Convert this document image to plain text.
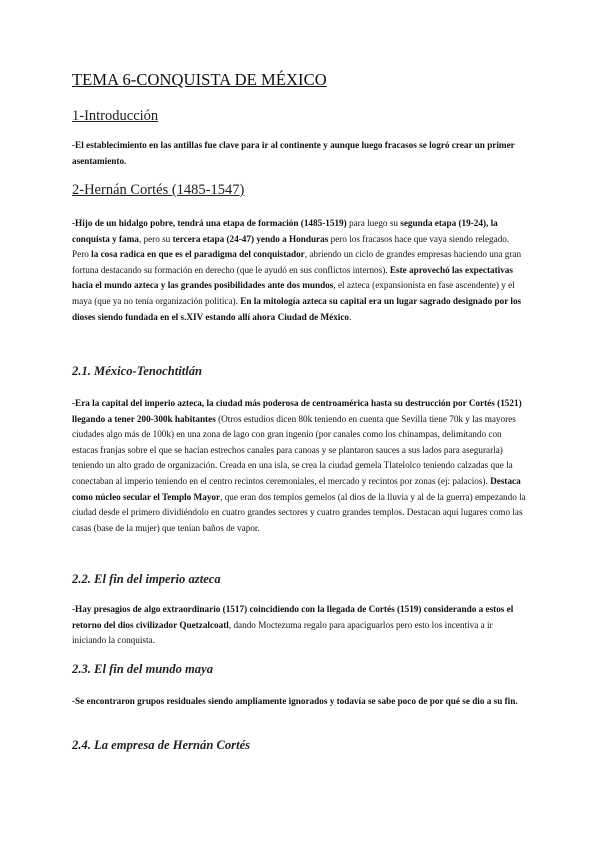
TEMA 6-CONQUISTA DE MÉXICO
1-Introducción

-El establecimiento en las antillas fue clave para ir al continente y aunque luego fracasos se logró crear un primer asentamiento.

2-Hernán Cortés (1485-1547)

-Hijo de un hidalgo pobre, tendrá una etapa de formación (1485-1519) para luego su segunda etapa (19-24), la conquista y fama, pero su tercera etapa (24-47) yendo a Honduras pero los fracasos hace que vaya siendo relegado. Pero la cosa radica en que es el paradigma del conquistador, abriendo un ciclo de grandes empresas haciendo una gran fortuna destacando su formación en derecho (que le ayudó en sus conflictos internos). Este aprovechó las expectativas hacia el mundo azteca y las grandes posibilidades ante dos mundos, el azteca (expansionista en fase ascendente) y el maya (que ya no tenía organización política). En la mitología azteca su capital era un lugar sagrado designado por los dioses siendo fundada en el s.XIV estando allí ahora Ciudad de México.

2.1. México-Tenochtitlán

-Era la capital del imperio azteca, la ciudad más poderosa de centroamérica hasta su destrucción por Cortés (1521) llegando a tener 200-300k habitantes (Otros estudios dicen 80k teniendo en cuenta que Sevilla tiene 70k y las mayores ciudades algo más de 100k) en una zona de lago con gran ingenio (por canales como los chinampas, delimitando con estacas franjas sobre el que se hacían estrechos canales para canoas y se plantaron sauces a sus lados para asegurarla) teniendo un alto grado de organización. Creada en una isla, se crea la ciudad gemela Tlatelolco teniendo calzadas que la conectaban al imperio teniendo en el centro recintos ceremoniales, el mercado y recintos por zonas (ej: palacios). Destaca como núcleo secular el Templo Mayor, que eran dos templos gemelos (al dios de la lluvia y al de la guerra) empezando la ciudad desde el primero dividiéndolo en cuatro grandes sectores y cuatro grandes templos. Destacan aquí lugares como las casas (base de la mujer) que tenían baños de vapor.

2.2. El fin del imperio azteca

-Hay presagios de algo extraordinario (1517) coincidiendo con la llegada de Cortés (1519) considerando a estos el retorno del dios civilizador Quetzalcoatl, dando Moctezuma regalo para apaciguarlos pero esto los incentiva a ir iniciando la conquista.

2.3. El fin del mundo maya

-Se encontraron grupos residuales siendo ampliamente ignorados y todavía se sabe poco de por qué se dio a su fin.

2.4. La empresa de Hernán Cortés
